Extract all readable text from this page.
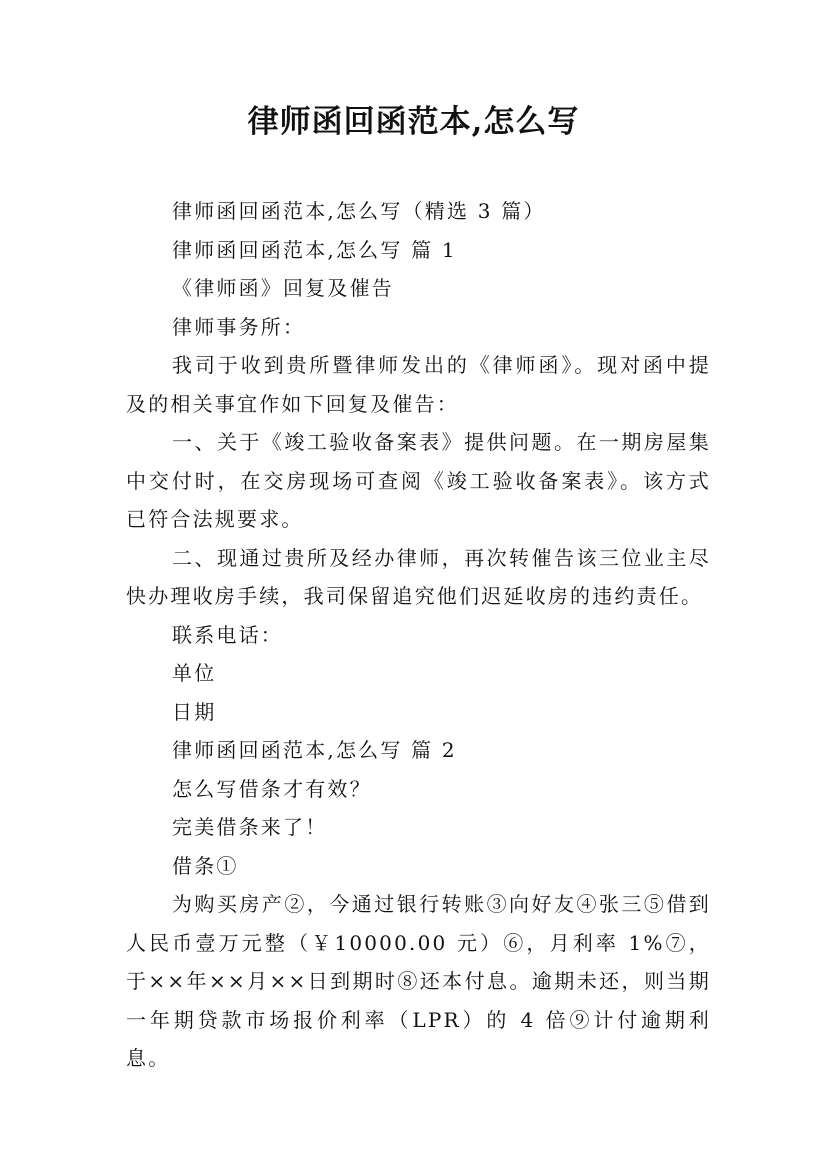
律师函回函范本,怎么写

律师函回函范本,怎么写（精选 3 篇）

律师函回函范本,怎么写 篇 1

《律师函》回复及催告

律师事务所：

我司于收到贵所暨律师发出的《律师函》。现对函中提及的相关事宜作如下回复及催告：

一、关于《竣工验收备案表》提供问题。在一期房屋集中交付时，在交房现场可查阅《竣工验收备案表》。该方式已符合法规要求。

二、现通过贵所及经办律师，再次转催告该三位业主尽快办理收房手续，我司保留追究他们迟延收房的违约责任。

联系电话：

单位

日期

律师函回函范本,怎么写 篇 2

怎么写借条才有效？

完美借条来了！

借条①

为购买房产②，今通过银行转账③向好友④张三⑤借到人民币壹万元整（￥10000.00 元）⑥，月利率 1%⑦，于××年××月××日到期时⑧还本付息。逾期未还，则当期一年期贷款市场报价利率（LPR）的 4 倍⑨计付逾期利息。
